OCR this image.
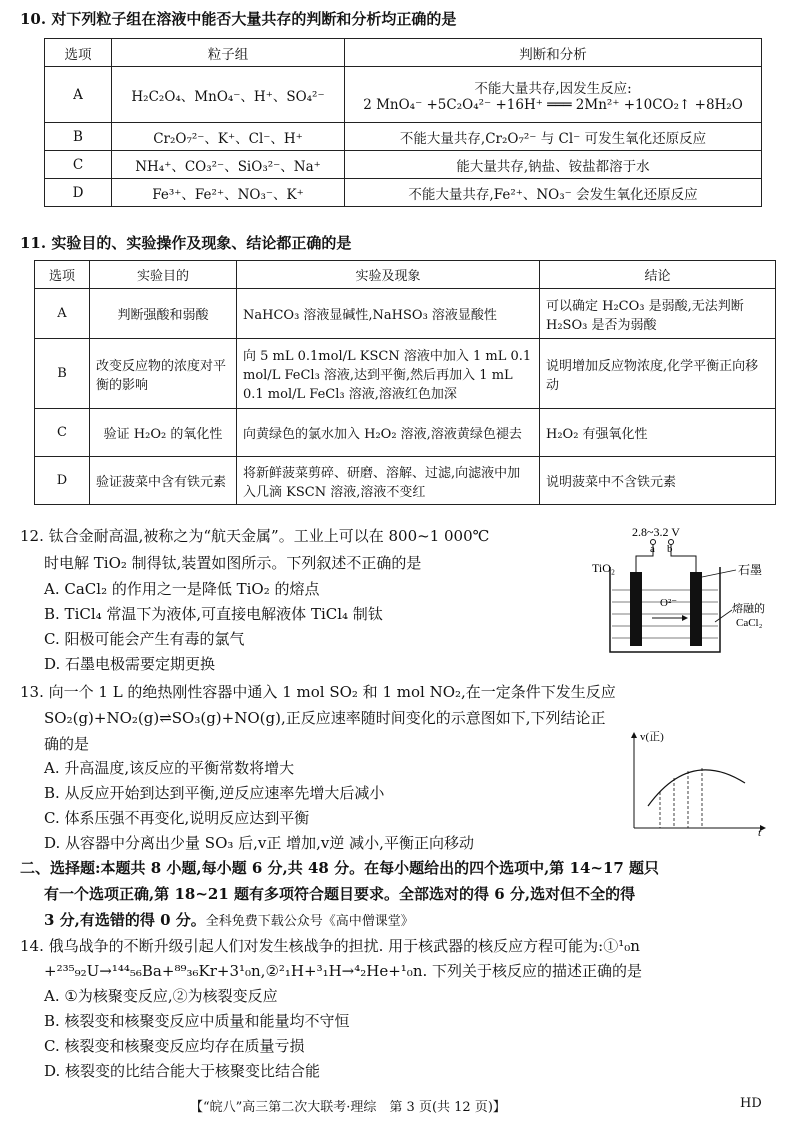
10. 对下列粒子组在溶液中能否大量共存的判断和分析均正确的是
选项	粒子组	判断和分析
A	H₂C₂O₄、MnO₄⁻、H⁺、SO₄²⁻	不能大量共存,因发生反应:
2 MnO₄⁻ +5C₂O₄²⁻ +16H⁺ ═══ 2Mn²⁺ +10CO₂↑ +8H₂O

B	Cr₂O₇²⁻、K⁺、Cl⁻、H⁺	不能大量共存,Cr₂O₇²⁻ 与 Cl⁻ 可发生氧化还原反应
C	NH₄⁺、CO₃²⁻、SiO₃²⁻、Na⁺	能大量共存,钠盐、铵盐都溶于水
D	Fe³⁺、Fe²⁺、NO₃⁻、K⁺	不能大量共存,Fe²⁺、NO₃⁻ 会发生氧化还原反应
11. 实验目的、实验操作及现象、结论都正确的是
选项	实验目的	实验及现象	结论
A	判断强酸和弱酸	NaHCO₃ 溶液显碱性,NaHSO₃ 溶液显酸性	可以确定 H₂CO₃ 是弱酸,无法判断 H₂SO₃ 是否为弱酸
B	改变反应物的浓度对平衡的影响	向 5 mL 0.1mol/L KSCN 溶液中加入 1 mL 0.1 mol/L FeCl₃ 溶液,达到平衡,然后再加入 1 mL 0.1 mol/L FeCl₃ 溶液,溶液红色加深	说明增加反应物浓度,化学平衡正向移动
C	验证 H₂O₂ 的氧化性	向黄绿色的氯水加入 H₂O₂ 溶液,溶液黄绿色褪去	H₂O₂ 有强氧化性
D	验证菠菜中含有铁元素	将新鲜菠菜剪碎、研磨、溶解、过滤,向滤液中加入几滴 KSCN 溶液,溶液不变红	说明菠菜中不含铁元素
12. 钛合金耐高温,被称之为“航天金属”。工业上可以在 800~1 000℃
时电解 TiO₂ 制得钛,装置如图所示。下列叙述不正确的是
A. CaCl₂ 的作用之一是降低 TiO₂ 的熔点
B. TiCl₄ 常温下为液体,可直接电解液体 TiCl₄ 制钛
C. 阳极可能会产生有毒的氯气
D. 石墨电极需要定期更换
2.8~3.2 V
a b
TiO₂	石墨
O²⁻	熔融的
CaCl₂
13. 向一个 1 L 的绝热刚性容器中通入 1 mol SO₂ 和 1 mol NO₂,在一定条件下发生反应
SO₂(g)+NO₂(g)⇌SO₃(g)+NO(g),正反应速率随时间变化的示意图如下,下列结论正
确的是
A. 升高温度,该反应的平衡常数将增大
B. 从反应开始到达到平衡,逆反应速率先增大后减小
C. 体系压强不再变化,说明反应达到平衡
D. 从容器中分离出少量 SO₃ 后,v正 增加,v逆 减小,平衡正向移动
v(正)
t
二、选择题:本题共 8 小题,每小题 6 分,共 48 分。在每小题给出的四个选项中,第 14~17 题只
有一个选项正确,第 18~21 题有多项符合题目要求。全部选对的得 6 分,选对但不全的得
3 分,有选错的得 0 分。全科免费下载公众号《高中僧课堂》
14. 俄乌战争的不断升级引起人们对发生核战争的担扰. 用于核武器的核反应方程可能为:①¹₀n
+²³⁵₉₂U→¹⁴⁴₅₆Ba+⁸⁹₃₆Kr+3¹₀n,②²₁H+³₁H→⁴₂He+¹₀n. 下列关于核反应的描述正确的是
A. ①为核聚变反应,②为核裂变反应
B. 核裂变和核聚变反应中质量和能量均不守恒
C. 核裂变和核聚变反应均存在质量亏损
D. 核裂变的比结合能大于核聚变比结合能
【“皖八”高三第二次大联考·理综　第 3 页(共 12 页)】	HD
